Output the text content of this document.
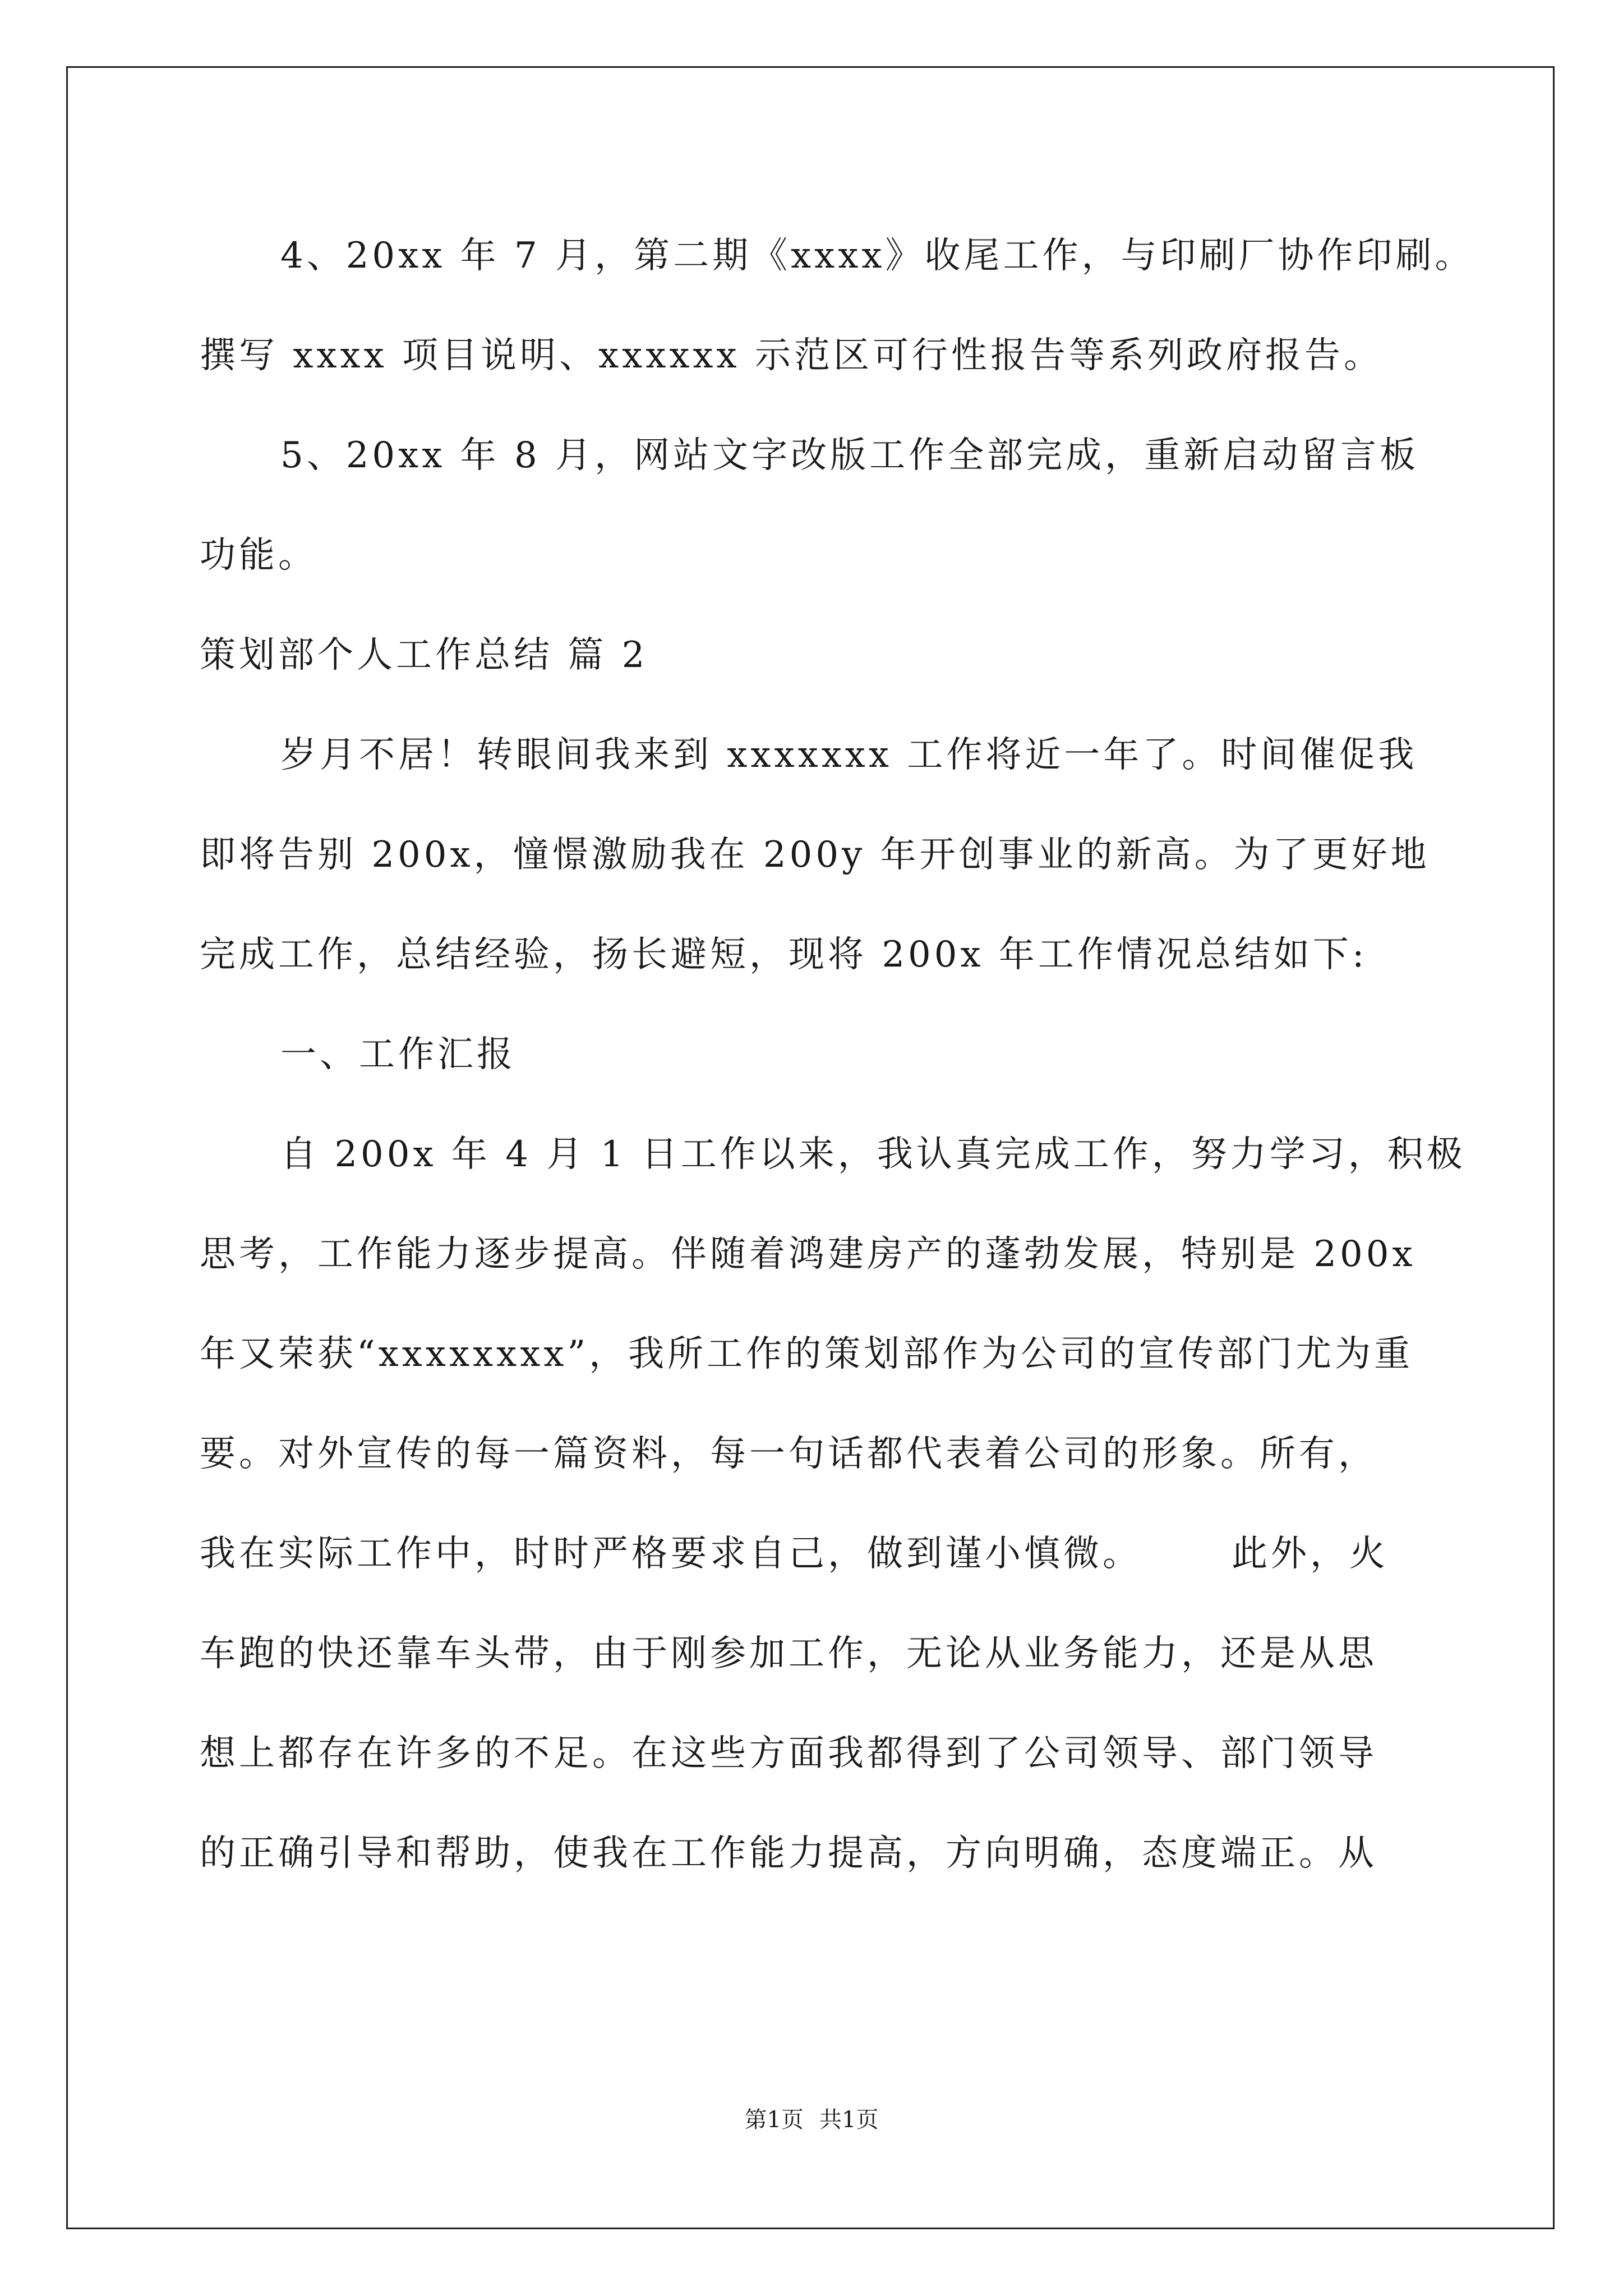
4、20xx 年 7 月，第二期《xxxx》收尾工作，与印刷厂协作印刷。
撰写 xxxx 项目说明、xxxxxx 示范区可行性报告等系列政府报告。
5、20xx 年 8 月，网站文字改版工作全部完成，重新启动留言板
功能。
策划部个人工作总结 篇 2
岁月不居！转眼间我来到 xxxxxxx 工作将近一年了。时间催促我
即将告别 200x，憧憬激励我在 200y 年开创事业的新高。为了更好地
完成工作，总结经验，扬长避短，现将 200x 年工作情况总结如下:
一、工作汇报
自 200x 年 4 月 1 日工作以来，我认真完成工作，努力学习，积极
思考，工作能力逐步提高。伴随着鸿建房产的蓬勃发展，特别是 200x
年又荣获“xxxxxxxx”，我所工作的策划部作为公司的宣传部门尤为重
要。对外宣传的每一篇资料，每一句话都代表着公司的形象。所有，
我在实际工作中，时时严格要求自己，做到谨小慎微。	此外，火
车跑的快还靠车头带，由于刚参加工作，无论从业务能力，还是从思
想上都存在许多的不足。在这些方面我都得到了公司领导、部门领导
的正确引导和帮助，使我在工作能力提高，方向明确，态度端正。从
第1页 共1页
